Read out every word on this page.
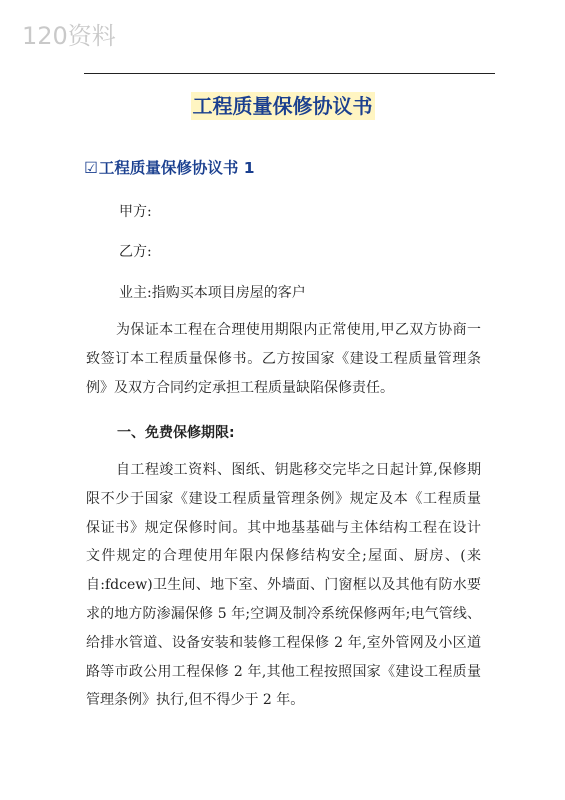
120资料
工程质量保修协议书
☑工程质量保修协议书 1
甲方:
乙方:
业主:指购买本项目房屋的客户
为保证本工程在合理使用期限内正常使用,甲乙双方协商一
致签订本工程质量保修书。乙方按国家《建设工程质量管理条
例》及双方合同约定承担工程质量缺陷保修责任。
一、免费保修期限:
自工程竣工资料、图纸、钥匙移交完毕之日起计算,保修期
限不少于国家《建设工程质量管理条例》规定及本《工程质量
保证书》规定保修时间。其中地基基础与主体结构工程在设计
文件规定的合理使用年限内保修结构安全;屋面、厨房、(来
自:fdcew)卫生间、地下室、外墙面、门窗框以及其他有防水要
求的地方防渗漏保修 5 年;空调及制冷系统保修两年;电气管线、
给排水管道、设备安装和装修工程保修 2 年,室外管网及小区道
路等市政公用工程保修 2 年,其他工程按照国家《建设工程质量
管理条例》执行,但不得少于 2 年。
